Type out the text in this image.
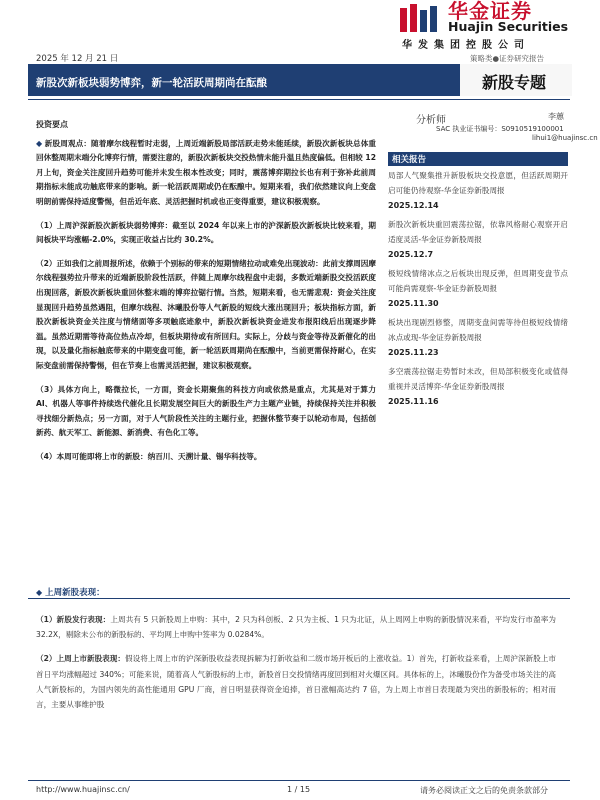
华金证券
Huajin Securities
华发集团控股公司
2025 年 12 月 21 日	策略类●证券研究报告
新股次新板块弱势博弈，新一轮活跃周期尚在酝酿	新股专题
分析师	李蕙
SAC 执业证书编号：S0910519100001
lihui1@huajinsc.cn
相关报告
局部人气聚集推升新股板块交投意愿，但活跃周期开启可能仍待观察-华金证券新股周报
2025.12.14
新股次新板块重回震荡拉锯，依靠风格耐心观察开启适度灵活-华金证券新股周报
2025.12.7
极短线情绪冰点之后板块出现反弹，但周期变盘节点可能尚需观察-华金证券新股周报
2025.11.30
板块出现剧烈修整，周期变盘间需等待但极短线情绪冰点或现-华金证券新股周报
2025.11.23
多空震荡拉锯走势暂时未改，但局部积极变化或值得重视并灵活博弈-华金证券新股周报
2025.11.16

投资要点

◆ 新股周观点：随着摩尔线程暂时走弱，上周近端新股局部活跃走势未能延续，新股次新板块总体重回休整周期末端分化博弈行情，需要注意的，新股次新板块交投热情未能升温且热度偏低。但相较 12 月上旬，资金关注度回升趋势可能并未发生根本性改变；同时，震荡博弈期拉长也有利于弥补此前周期指标未能成功触底带来的影响。新一轮活跃周期或仍在酝酿中。短期来看，我们依然建议向上变盘明朗前需保持适度警惕，但岳近年底、灵活把握时机或也正变得重要，建议积极观察。

（1）上周沪深新股次新板块弱势博弈：截至以 2024 年以来上市的沪深新股次新板块比较来看，期间板块平均涨幅-2.0%，实现正收益占比约 30.2%。

（2）正如我们之前周报所述，依赖于个别标的带来的短期情绪拉动或难免出现波动：此前支撑周因摩尔线程强势拉升带来的近端新股阶段性活跃，伴随上周摩尔线程盘中走弱，多数近端新股交投活跃度出现回落，新股次新板块重回休整末端的博弈拉锯行情。当然，短期来看，也无需悲观：资金关注度显现回升趋势虽然遇阻，但摩尔线程、沐曦股份等人气新股的短线大涨出现回升；板块指标方面，新股次新板块资金关注度与情绪面等多项触底迹象中，新股次新板块资金进发布报阳线后出现逐步降温。虽然近期需等待高位热点冷却，但板块期待或有所回归。实际上，分歧与资金等待及新催化的出现，以及量化指标触底带来的中期变盘可能，新一轮活跃周期尚在酝酿中，当前更需保持耐心，在实际变盘前需保持警惕，但在节奏上也需灵活把握，建议积极观察。

（3）具体方向上，略微拉长，一方面，资金长期聚焦的科技方向或依然是重点，尤其是对于算力 AI、机器人等事件持续迭代催化且长期发展空间巨大的新股生产力主题产业链，持续保持关注并积极寻找细分新热点；另一方面，对于人气阶段性关注的主题行业，把握休整节奏于以轮动布局，包括创新药、航天军工、新能源、新消费、有色化工等。

（4）本周可能即将上市的新股：纳百川、天溯计量、锡华科技等。

◆ 上周新股表现：

（1）新股发行表现：上周共有 5 只新股周上申购：其中，2 只为科创板、2 只为主板、1 只为北证，从上周网上申购的新股情况来看，平均发行市盈率为 32.2X，剔除未公布的新股标的、平均网上申购中签率为 0.0284%。

（2）上周上市新股表现：假设将上周上市的沪深新股收益表现拆解为打新收益和二级市场开板后的上涨收益。1）首先，打新收益来看，上周沪深新股上市首日平均涨幅超过 340%；可能来说，随着高人气新股标的上市，新股首日交投情绪再度回到相对火爆区间。具体标的上，沐曦股份作为备受市场关注的高人气新股标的，为国内领先的高性能通用 GPU 厂商，首日明显获得资金追捧，首日涨幅高达约 7 倍，为上周上市首日表现最为突出的新股标的；相对而言，主要从事维护股

http://www.huajinsc.cn/	1 / 15	请务必阅读正文之后的免责条款部分
